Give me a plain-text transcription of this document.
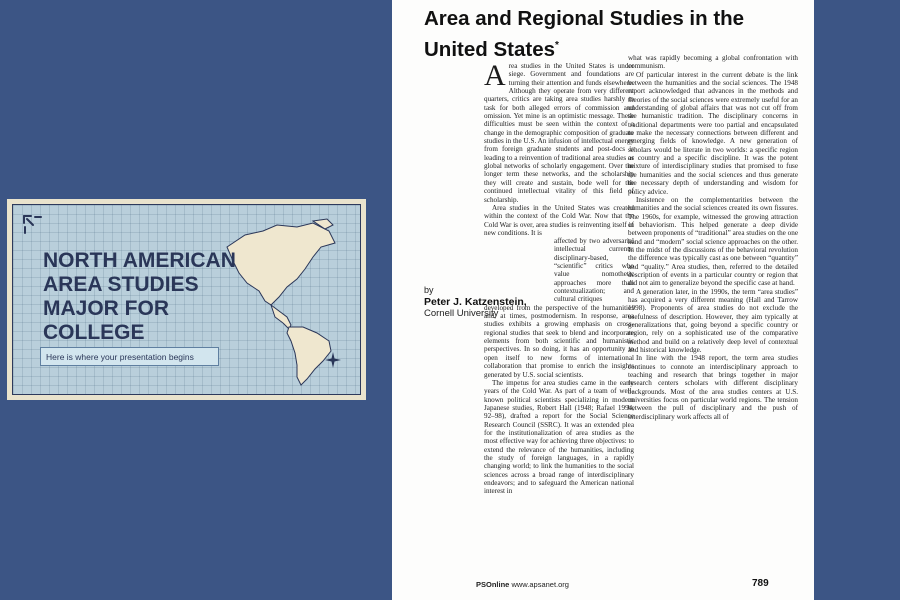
NORTH AMERICAN AREA STUDIES MAJOR FOR COLLEGE
Here is where your presentation begins
Area and Regional Studies in the United States*

Area studies in the United States is under siege. Government and foundations are turning their attention and funds elsewhere. Although they operate from very different quarters, critics are taking area studies harshly to task for both alleged errors of commission and omission. Yet mine is an optimistic message. These difficulties must be seen within the context of a change in the demographic composition of graduate studies in the U.S. An infusion of intellectual energy from foreign graduate students and post-docs is leading to a reinvention of traditional area studies as global networks of scholarly engagement. Over the longer term these networks, and the scholarship they will create and sustain, bode well for the continued intellectual vitality of this field of scholarship.

Area studies in the United States was created within the context of the Cold War. Now that the Cold War is over, area studies is reinventing itself in new conditions. It is

by
Peter J. Katzenstein,
Cornell University

what was rapidly becoming a global confrontation with communism.

Of particular interest in the current debate is the link between the humanities and the social sciences. The 1948 report acknowledged that advances in the methods and theories of the social sciences were extremely useful for an understanding of global affairs that was not cut off from the humanistic tradition. The disciplinary concerns in traditional departments were too partial and encapsulated to make the necessary connections between different and emerging fields of knowledge. A new generation of scholars would be literate in two worlds: a specific region or country and a specific discipline. It was the potent mixture of interdisciplinary studies that promised to fuse the humanities and the social sciences and thus generate the necessary depth of understanding and wisdom for policy advice.

Insistence on the complementarities between the humanities and the social sciences created its own fissures. The 1960s, for example, witnessed the growing attraction of behaviorism. This helped generate a deep divide between proponents of “traditional” area studies on the one hand and “modern” social science approaches on the other. In the midst of the discussions of the behavioral revolution the difference was typically cast as one between “quantity” and “quality.” Area studies, then, referred to the detailed description of events in a particular country or region that did not aim to generalize beyond the specific case at hand.

A generation later, in the 1990s, the term “area studies” has acquired a very different meaning (Hall and Tarrow 1998). Proponents of area studies do not exclude the usefulness of description. However, they aim typically at generalizations that, going beyond a specific country or region, rely on a sophisticated use of the comparative method and build on a relatively deep level of contextual and historical knowledge.

In line with the 1948 report, the term area studies continues to connote an interdisciplinary approach to teaching and research that brings together in major research centers scholars with different disciplinary backgrounds. Most of the area studies centers at U.S. universities focus on particular world regions. The tension between the pull of disciplinary and the push of interdisciplinary work affects all of

PSOnline www.apsanet.org	789

affected by two adversarial intellectual currents: disciplinary-based, “scientific” critics who value nomothetic approaches more than contextualization; and cultural critiques

developed from the perspective of the humanities and, at times, postmodernism. In response, area studies exhibits a growing emphasis on cross-regional studies that seek to blend and incorporate elements from both scientific and humanistic perspectives. In so doing, it has an opportunity to open itself to new forms of international collaboration that promise to enrich the insights generated by U.S. social scientists.

The impetus for area studies came in the early years of the Cold War. As part of a team of well-known political scientists specializing in modern Japanese studies, Robert Hall (1948; Rafael 1994, 92–98), drafted a report for the Social Science Research Council (SSRC). It was an extended plea for the institutionalization of area studies as the most effective way for achieving three objectives: to extend the relevance of the humanities, including the study of foreign languages, in a rapidly changing world; to link the humanities to the social sciences across a broad range of interdisciplinary endeavors; and to safeguard the American national interest in
